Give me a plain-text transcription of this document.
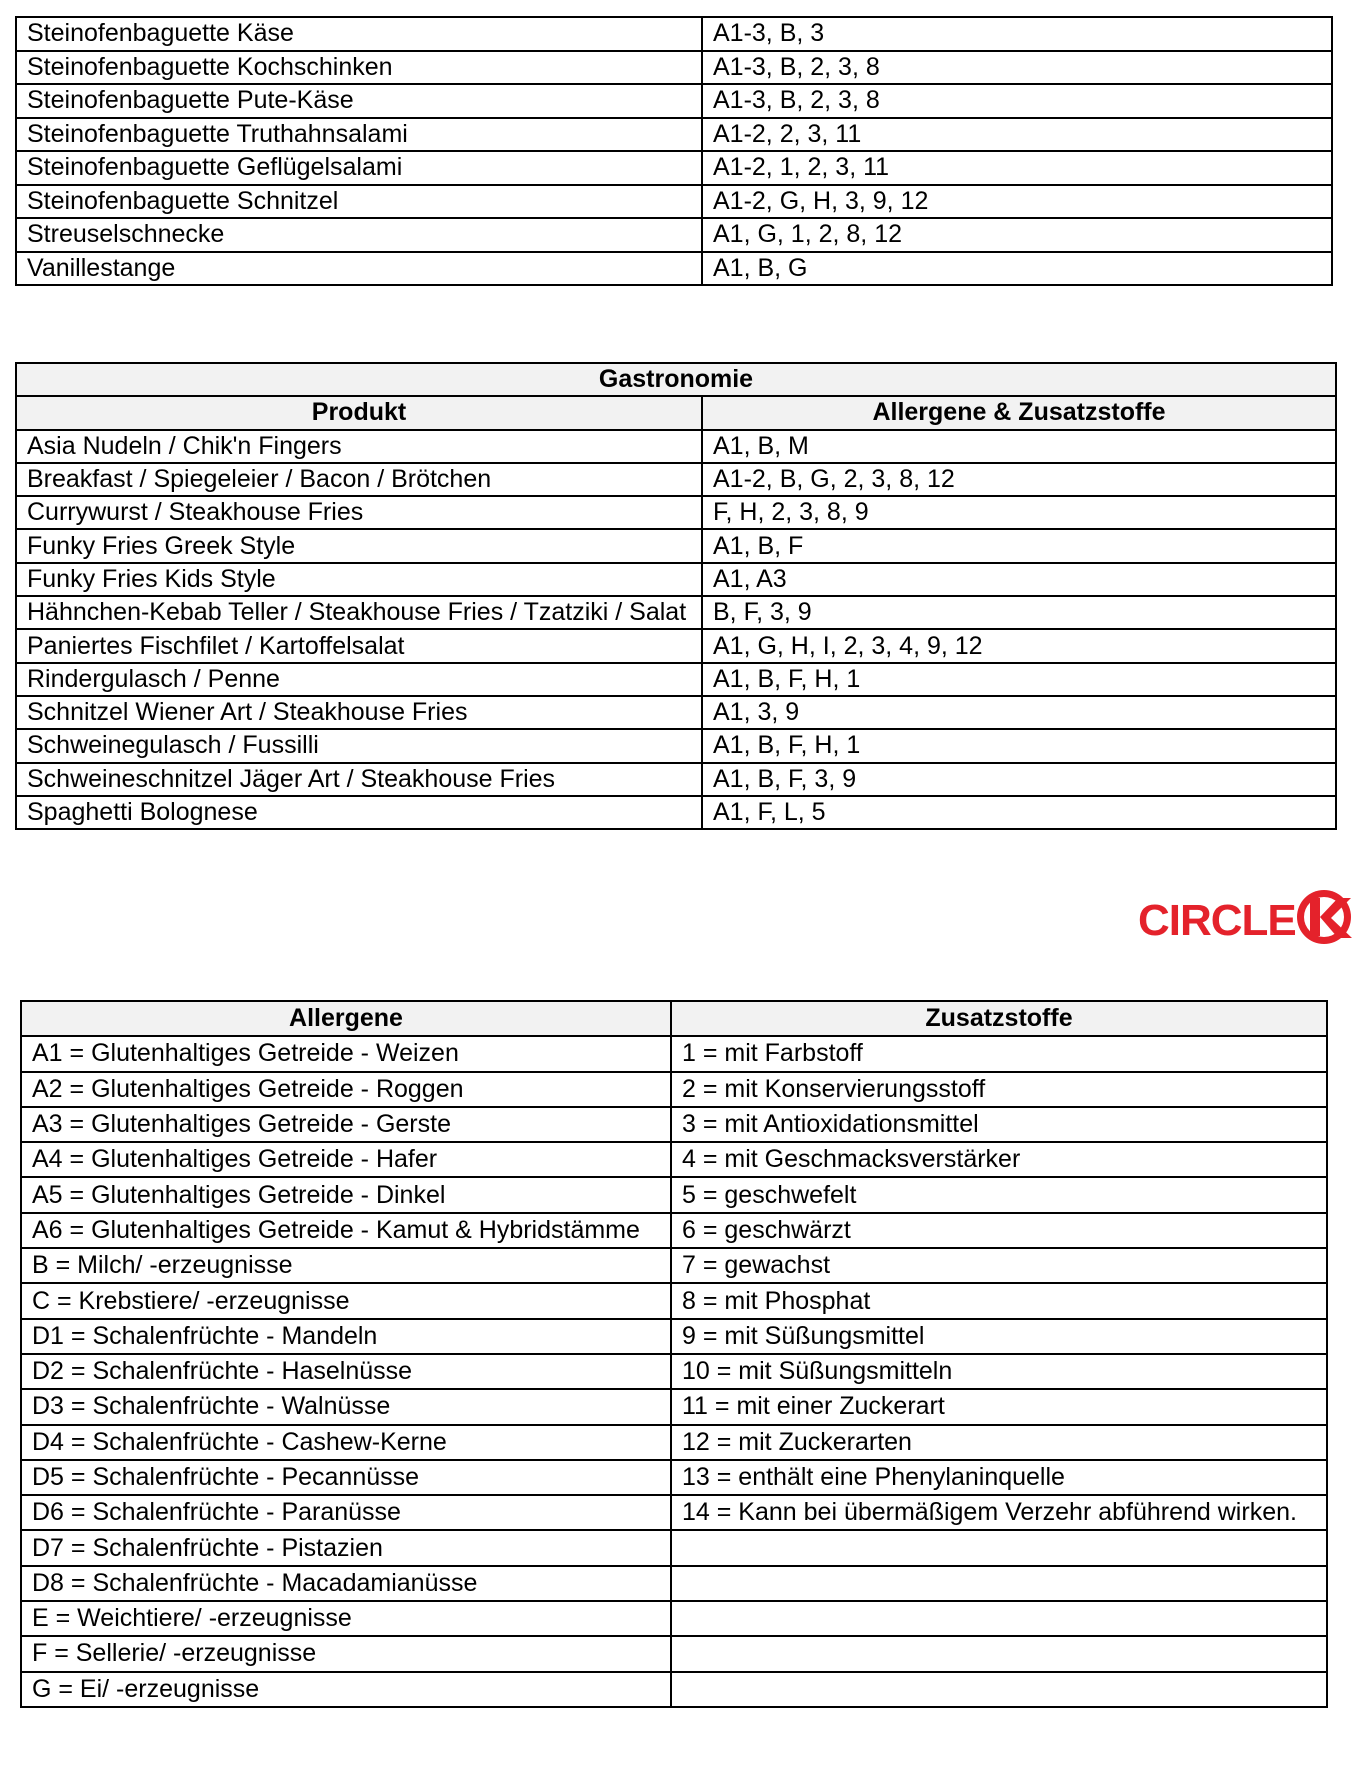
Steinofenbaguette Käse	A1-3, B, 3
Steinofenbaguette Kochschinken	A1-3, B, 2, 3, 8
Steinofenbaguette Pute-Käse	A1-3, B, 2, 3, 8
Steinofenbaguette Truthahnsalami	A1-2, 2, 3, 11
Steinofenbaguette Geflügelsalami	A1-2, 1, 2, 3, 11
Steinofenbaguette Schnitzel	A1-2, G, H, 3, 9, 12
Streuselschnecke	A1, G, 1, 2, 8, 12
Vanillestange	A1, B, G
Gastronomie	
Produkt	Allergene & Zusatzstoffe
Asia Nudeln / Chik'n Fingers	A1, B, M
Breakfast / Spiegeleier / Bacon / Brötchen	A1-2, B, G, 2, 3, 8, 12
Currywurst / Steakhouse Fries	F, H, 2, 3, 8, 9
Funky Fries Greek Style	A1, B, F
Funky Fries Kids Style	A1, A3
Hähnchen-Kebab Teller / Steakhouse Fries / Tzatziki / Salat	B, F, 3, 9
Paniertes Fischfilet / Kartoffelsalat	A1, G, H, I, 2, 3, 4, 9, 12
Rindergulasch / Penne	A1, B, F, H, 1
Schnitzel Wiener Art / Steakhouse Fries	A1, 3, 9
Schweinegulasch / Fussilli	A1, B, F, H, 1
Schweineschnitzel Jäger Art / Steakhouse Fries	A1, B, F, 3, 9
Spaghetti Bolognese	A1, F, L, 5
CIRCLE
Allergene	Zusatzstoffe
A1 = Glutenhaltiges Getreide - Weizen	1 = mit Farbstoff
A2 = Glutenhaltiges Getreide - Roggen	2 = mit Konservierungsstoff
A3 = Glutenhaltiges Getreide - Gerste	3 = mit Antioxidationsmittel
A4 = Glutenhaltiges Getreide - Hafer	4 = mit Geschmacksverstärker
A5 = Glutenhaltiges Getreide - Dinkel	5 = geschwefelt
A6 = Glutenhaltiges Getreide - Kamut & Hybridstämme	6 = geschwärzt
B = Milch/ -erzeugnisse	7 = gewachst
C = Krebstiere/ -erzeugnisse	8 = mit Phosphat
D1 = Schalenfrüchte - Mandeln	9 = mit Süßungsmittel
D2 = Schalenfrüchte - Haselnüsse	10 = mit Süßungsmitteln
D3 = Schalenfrüchte - Walnüsse	11 = mit einer Zuckerart
D4 = Schalenfrüchte - Cashew-Kerne	12 = mit Zuckerarten
D5 = Schalenfrüchte - Pecannüsse	13 = enthält eine Phenylaninquelle
D6 = Schalenfrüchte - Paranüsse	14 = Kann bei übermäßigem Verzehr abführend wirken.
D7 = Schalenfrüchte - Pistazien	
D8 = Schalenfrüchte - Macadamianüsse	
E = Weichtiere/ -erzeugnisse	
F = Sellerie/ -erzeugnisse	
G = Ei/ -erzeugnisse	
